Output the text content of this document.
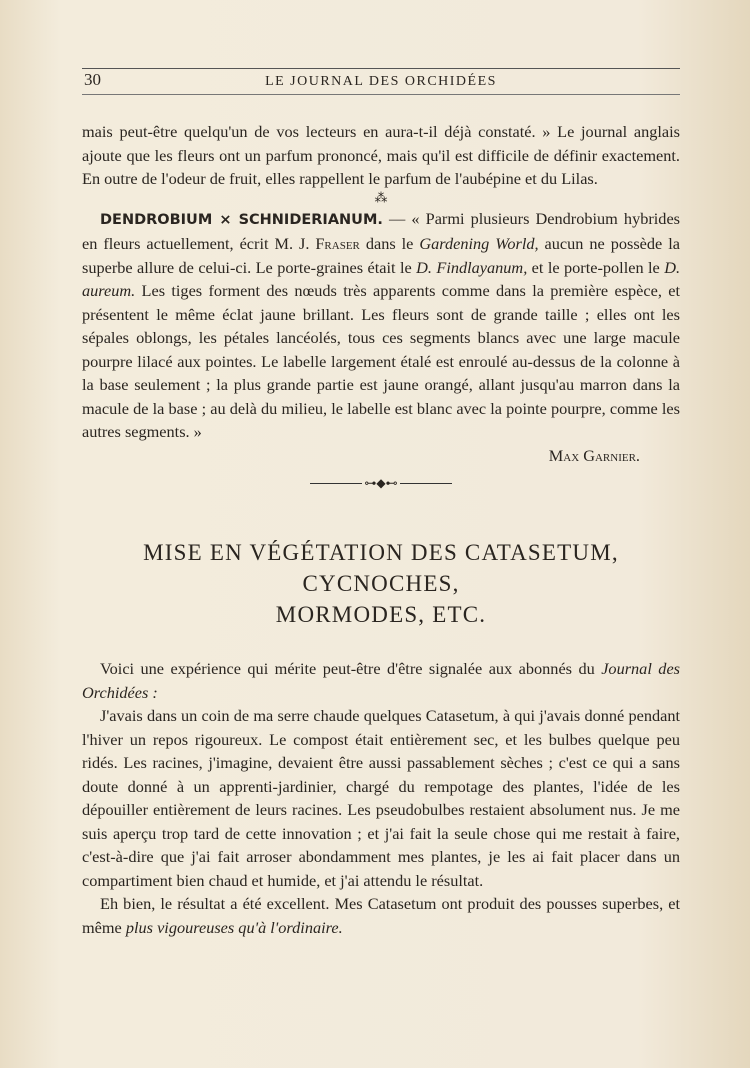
30	LE JOURNAL DES ORCHIDÉES

mais peut-être quelqu'un de vos lecteurs en aura-t-il déjà constaté. » Le journal anglais ajoute que les fleurs ont un parfum prononcé, mais qu'il est difficile de définir exactement. En outre de l'odeur de fruit, elles rappellent le parfum de l'aubépine et du Lilas.

⁂

DENDROBIUM × SCHNIDERIANUM. — « Parmi plusieurs Dendrobium hybrides en fleurs actuellement, écrit M. J. Fraser dans le Gardening World, aucun ne possède la superbe allure de celui-ci. Le porte-graines était le D. Findlayanum, et le porte-pollen le D. aureum. Les tiges forment des nœuds très apparents comme dans la première espèce, et présentent le même éclat jaune brillant. Les fleurs sont de grande taille ; elles ont les sépales oblongs, les pétales lancéolés, tous ces segments blancs avec une large macule pourpre lilacé aux pointes. Le labelle largement étalé est enroulé au-dessus de la colonne à la base seulement ; la plus grande partie est jaune orangé, allant jusqu'au marron dans la macule de la base ; au delà du milieu, le labelle est blanc avec la pointe pourpre, comme les autres segments. »

Max Garnier.

⊶◆⊷
MISE EN VÉGÉTATION DES CATASETUM, CYCNOCHES,
MORMODES, ETC.

Voici une expérience qui mérite peut-être d'être signalée aux abonnés du Journal des Orchidées :

J'avais dans un coin de ma serre chaude quelques Catasetum, à qui j'avais donné pendant l'hiver un repos rigoureux. Le compost était entièrement sec, et les bulbes quelque peu ridés. Les racines, j'imagine, devaient être aussi passablement sèches ; c'est ce qui a sans doute donné à un apprenti-jardinier, chargé du rempotage des plantes, l'idée de les dépouiller entièrement de leurs racines. Les pseudobulbes restaient absolument nus. Je me suis aperçu trop tard de cette innovation ; et j'ai fait la seule chose qui me restait à faire, c'est-à-dire que j'ai fait arroser abondamment mes plantes, je les ai fait placer dans un compartiment bien chaud et humide, et j'ai attendu le résultat.

Eh bien, le résultat a été excellent. Mes Catasetum ont produit des pousses superbes, et même plus vigoureuses qu'à l'ordinaire.
